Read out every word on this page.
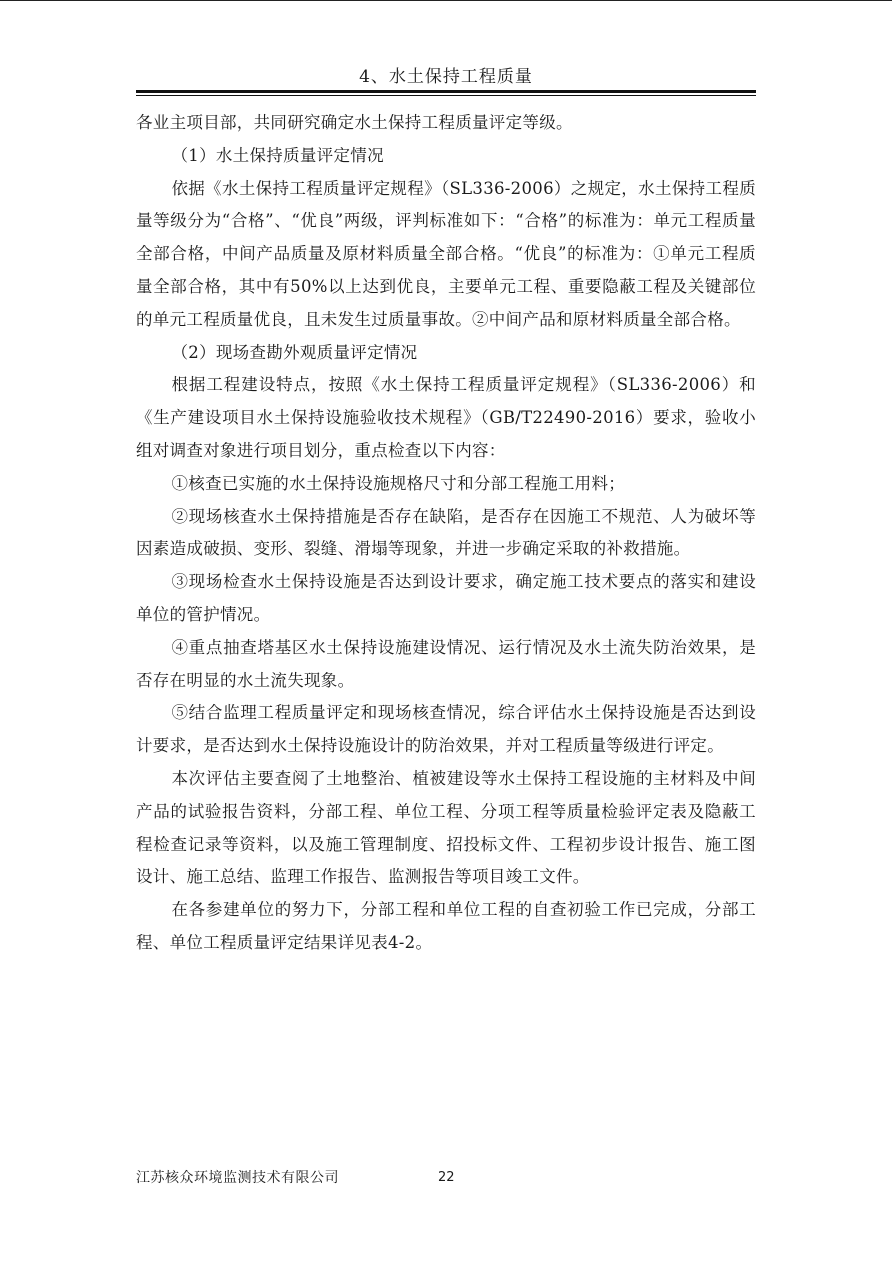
4、水土保持工程质量

各业主项目部，共同研究确定水土保持工程质量评定等级。

（1）水土保持质量评定情况

依据《水土保持工程质量评定规程》（SL336-2006）之规定，水土保持工程质量等级分为“合格”、“优良”两级，评判标准如下：“合格”的标准为：单元工程质量全部合格，中间产品质量及原材料质量全部合格。“优良”的标准为：①单元工程质量全部合格，其中有50%以上达到优良，主要单元工程、重要隐蔽工程及关键部位的单元工程质量优良，且未发生过质量事故。②中间产品和原材料质量全部合格。

（2）现场查勘外观质量评定情况

根据工程建设特点，按照《水土保持工程质量评定规程》（SL336-2006）和《生产建设项目水土保持设施验收技术规程》（GB/T22490-2016）要求，验收小组对调查对象进行项目划分，重点检查以下内容：

①核查已实施的水土保持设施规格尺寸和分部工程施工用料；

②现场核查水土保持措施是否存在缺陷，是否存在因施工不规范、人为破坏等因素造成破损、变形、裂缝、滑塌等现象，并进一步确定采取的补救措施。

③现场检查水土保持设施是否达到设计要求，确定施工技术要点的落实和建设单位的管护情况。

④重点抽查塔基区水土保持设施建设情况、运行情况及水土流失防治效果，是否存在明显的水土流失现象。

⑤结合监理工程质量评定和现场核查情况，综合评估水土保持设施是否达到设计要求，是否达到水土保持设施设计的防治效果，并对工程质量等级进行评定。

本次评估主要查阅了土地整治、植被建设等水土保持工程设施的主材料及中间产品的试验报告资料，分部工程、单位工程、分项工程等质量检验评定表及隐蔽工程检查记录等资料，以及施工管理制度、招投标文件、工程初步设计报告、施工图设计、施工总结、监理工作报告、监测报告等项目竣工文件。

在各参建单位的努力下，分部工程和单位工程的自查初验工作已完成，分部工程、单位工程质量评定结果详见表4-2。

江苏核众环境监测技术有限公司	22
